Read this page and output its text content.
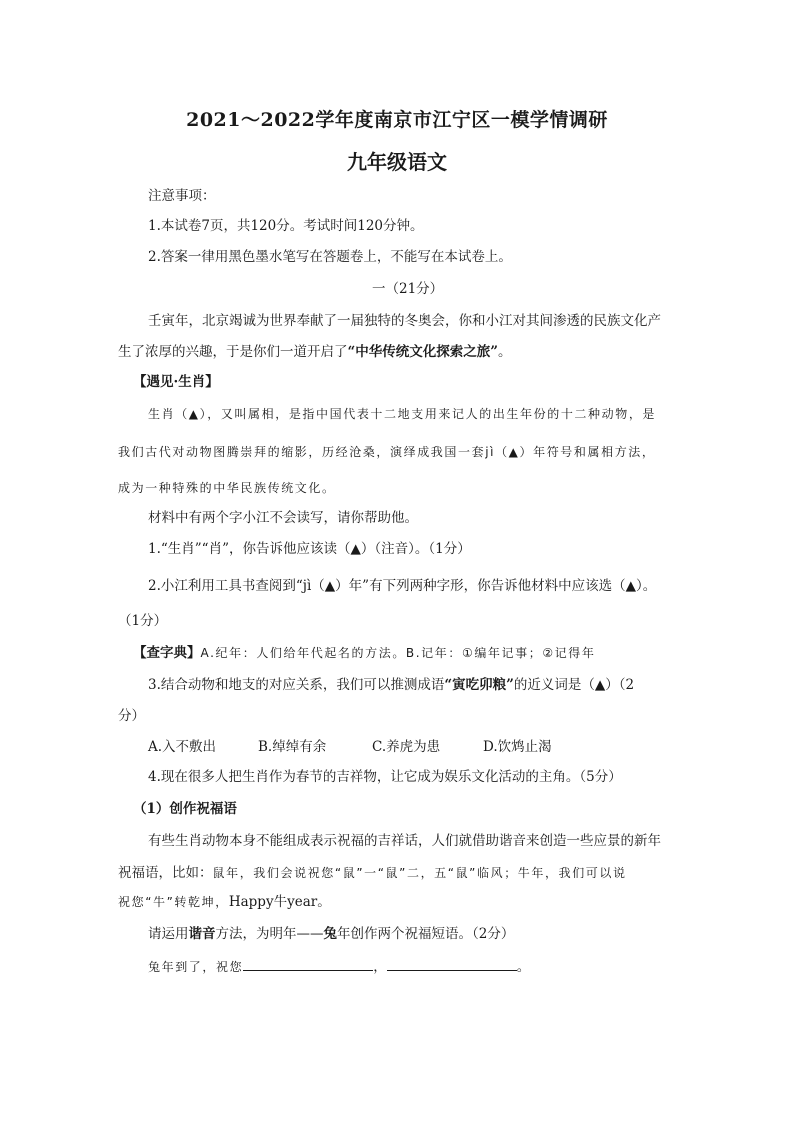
2021～2022学年度南京市江宁区一模学情调研
九年级语文
注意事项：
1.本试卷7页，共120分。考试时间120分钟。
2.答案一律用黑色墨水笔写在答题卷上，不能写在本试卷上。
一（21分）
壬寅年，北京竭诚为世界奉献了一届独特的冬奥会，你和小江对其间渗透的民族文化产
生了浓厚的兴趣，于是你们一道开启了“中华传统文化探索之旅”。
【遇见·生肖】
生肖（▲），又叫属相，是指中国代表十二地支用来记人的出生年份的十二种动物，是
我们古代对动物图腾崇拜的缩影，历经沧桑，演绎成我国一套jì（▲）年符号和属相方法，
成为一种特殊的中华民族传统文化。
材料中有两个字小江不会读写，请你帮助他。
1.“生肖”“肖”，你告诉他应该读（▲）（注音）。（1分）
2.小江利用工具书查阅到“jì（▲）年”有下列两种字形，你告诉他材料中应该选（▲）。
（1分）
【查字典】A.纪年：人们给年代起名的方法。B.记年：①编年记事；②记得年
3.结合动物和地支的对应关系，我们可以推测成语“寅吃卯粮”的近义词是（▲）（2
分）
A.入不敷出	B.绰绰有余	C.养虎为患	D.饮鸩止渴
4.现在很多人把生肖作为春节的吉祥物，让它成为娱乐文化活动的主角。（5分）
（1）创作祝福语
有些生肖动物本身不能组成表示祝福的吉祥话，人们就借助谐音来创造一些应景的新年
祝福语，比如：鼠年，我们会说祝您“鼠”一“鼠”二，五“鼠”临风；牛年，我们可以说
祝您“牛”转乾坤，Happy牛year。
请运用谐音方法，为明年——兔年创作两个祝福短语。（2分）
兔年到了，祝您	，	。
